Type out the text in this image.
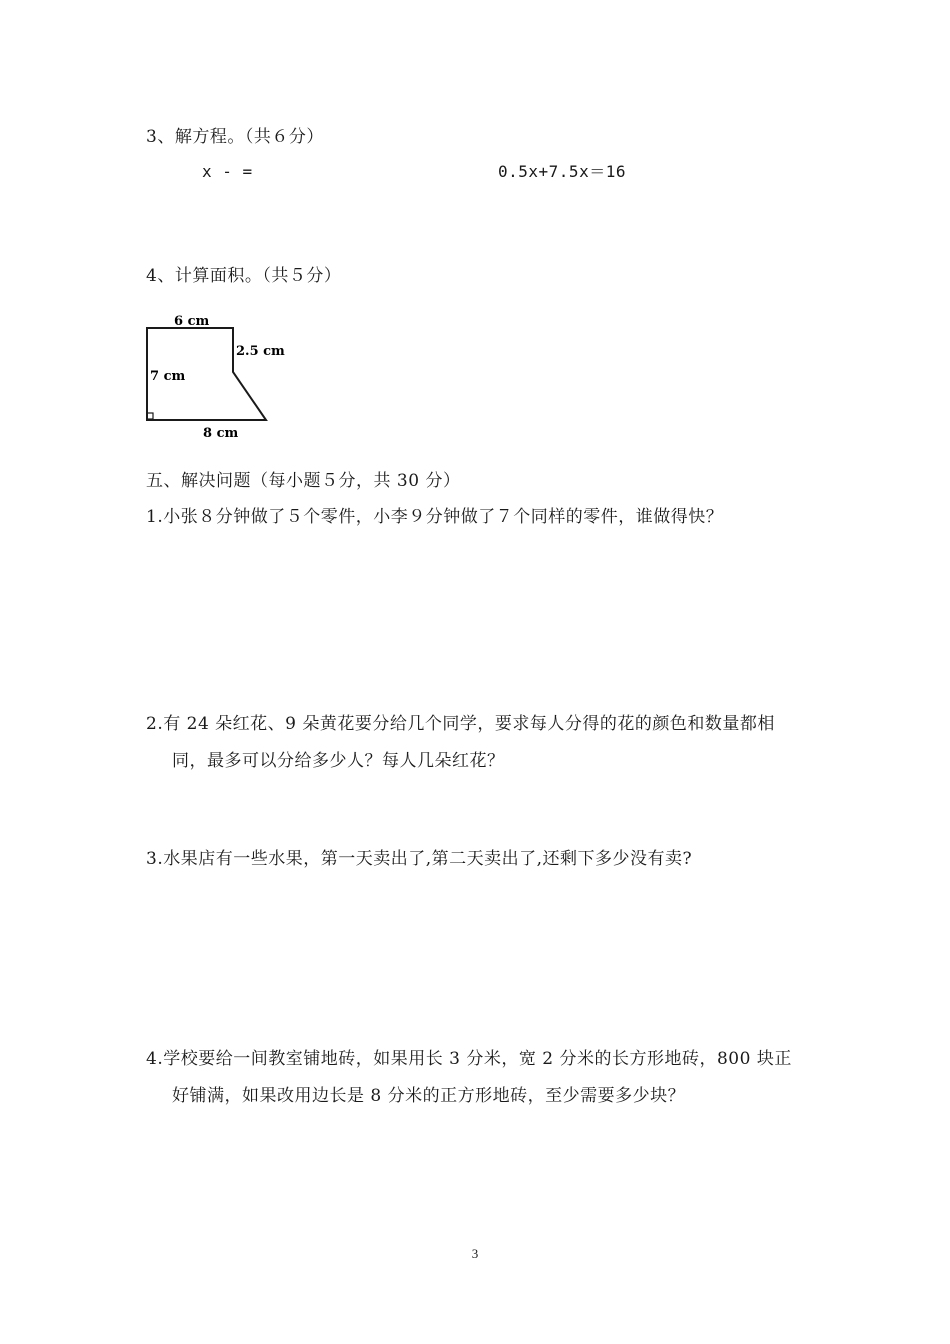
3、解方程。（共６分）
x - =	0.5x+7.5x＝16
4、计算面积。（共５分）
6 cm
2.5 cm
7 cm
8 cm
五、解决问题（每小题５分，共 30 分）
1.小张８分钟做了５个零件，小李９分钟做了７个同样的零件，谁做得快？
2.有 24 朵红花、9 朵黄花要分给几个同学，要求每人分得的花的颜色和数量都相
同，最多可以分给多少人？每人几朵红花？
3.水果店有一些水果，第一天卖出了,第二天卖出了,还剩下多少没有卖?
4.学校要给一间教室铺地砖，如果用长 3 分米，宽 2 分米的长方形地砖，800 块正
好铺满，如果改用边长是 8 分米的正方形地砖，至少需要多少块？
3
